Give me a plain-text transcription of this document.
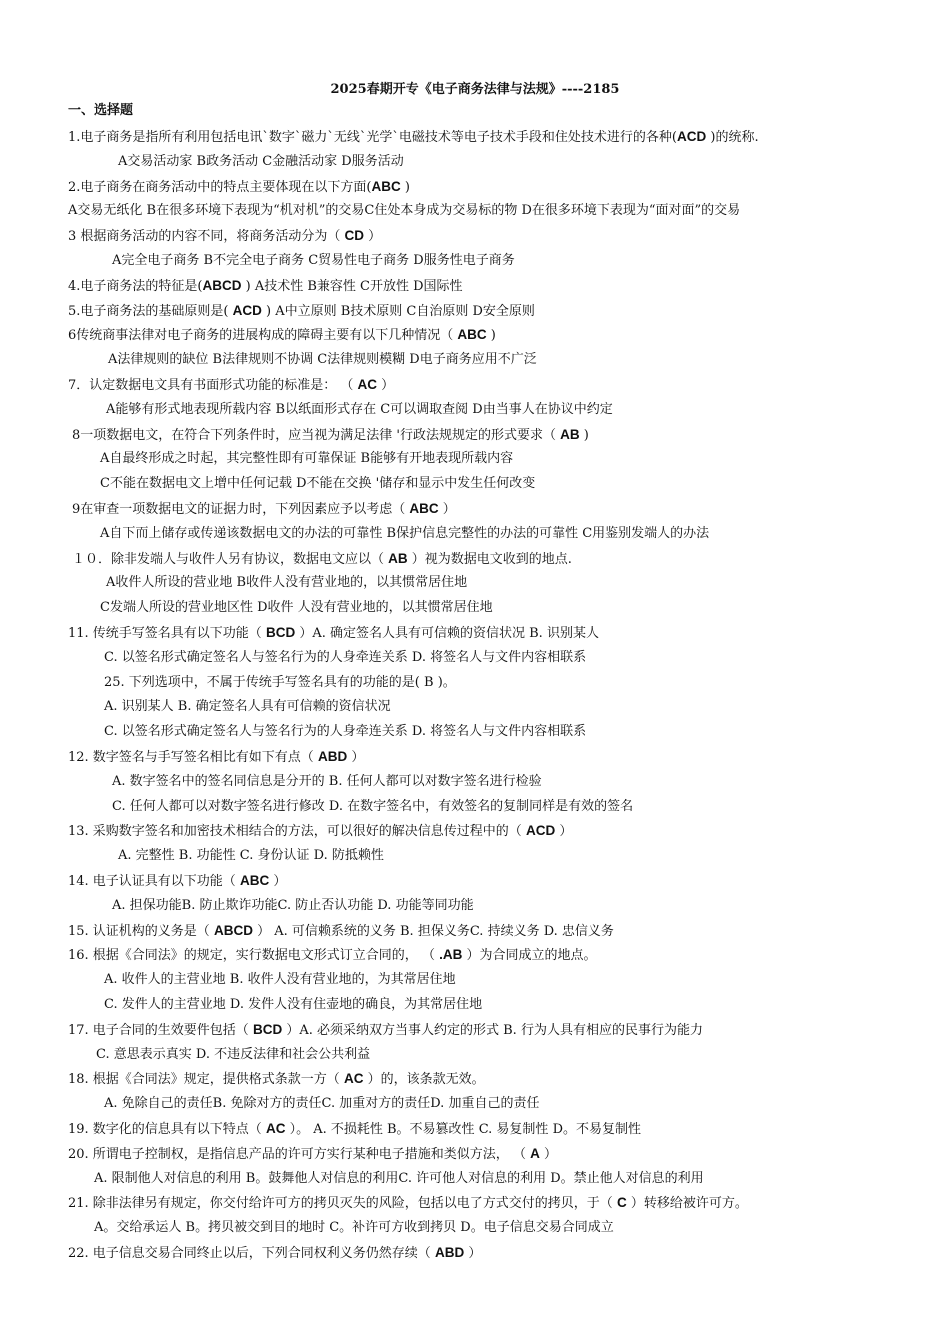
2025春期开专《电子商务法律与法规》----2185
一、选择题
1.电子商务是指所有利用包括电讯`数字`磁力`无线`光学`电磁技术等电子技术手段和住处技术进行的各种(ACD )的统称.
A交易活动家 B政务活动 C金融活动家 D服务活动
2.电子商务在商务活动中的特点主要体现在以下方面(ABC )
A交易无纸化 B在很多环境下表现为“机对机”的交易C住处本身成为交易标的物 D在很多环境下表现为“面对面”的交易
3 根据商务活动的内容不同，将商务活动分为（ CD ）
A完全电子商务 B不完全电子商务 C贸易性电子商务 D服务性电子商务
4.电子商务法的特征是(ABCD ) A技术性 B兼容性 C开放性 D国际性
5.电子商务法的基础原则是( ACD ) A中立原则 B技术原则 C自治原则 D安全原则
6传统商事法律对电子商务的进展构成的障碍主要有以下几种情况（ ABC )
A法律规则的缺位 B法律规则不协调 C法律规则模糊 D电子商务应用不广泛
7．认定数据电文具有书面形式功能的标准是： （ AC ）
A能够有形式地表现所载内容 B以纸面形式存在 C可以调取查阅 D由当事人在协议中约定
8一项数据电文，在符合下列条件时，应当视为满足法律 '行政法规规定的形式要求（ AB )
A自最终形成之时起，其完整性即有可靠保证 B能够有开地表现所载内容
C不能在数据电文上增中任何记载 D不能在交换 '储存和显示中发生任何改变
9在审查一项数据电文的证据力时，下列因素应予以考虑（ ABC ）
A自下而上储存或传递该数据电文的办法的可靠性 B保护信息完整性的办法的可靠性 C用鉴别发端人的办法
１０．除非发端人与收件人另有协议，数据电文应以（ AB ）视为数据电文收到的地点.
A收件人所设的营业地 B收件人没有营业地的，以其惯常居住地
C发端人所设的营业地区性 D收件 人没有营业地的，以其惯常居住地
11. 传统手写签名具有以下功能（ BCD ）A. 确定签名人具有可信赖的资信状况 B. 识别某人
C. 以签名形式确定签名人与签名行为的人身牵连关系 D. 将签名人与文件内容相联系
25. 下列选项中，不属于传统手写签名具有的功能的是( B )。
A. 识别某人 B. 确定签名人具有可信赖的资信状况
C. 以签名形式确定签名人与签名行为的人身牵连关系 D. 将签名人与文件内容相联系
12. 数字签名与手写签名相比有如下有点（ ABD ）
A. 数字签名中的签名同信息是分开的 B. 任何人都可以对数字签名进行检验
C. 任何人都可以对数字签名进行修改 D. 在数字签名中，有效签名的复制同样是有效的签名
13. 采购数字签名和加密技术相结合的方法，可以很好的解决信息传过程中的（ ACD ）
A. 完整性 B. 功能性 C. 身份认证 D. 防抵赖性
14. 电子认证具有以下功能（ ABC ）
A. 担保功能B. 防止欺诈功能C. 防止否认功能 D. 功能等同功能
15. 认证机构的义务是（ ABCD ） A. 可信赖系统的义务 B. 担保义务C. 持续义务 D. 忠信义务
16. 根据《合同法》的规定，实行数据电文形式订立合同的， （ .AB ）为合同成立的地点。
A. 收件人的主营业地 B. 收件人没有营业地的，为其常居住地
C. 发件人的主营业地 D. 发件人没有住壶地的确良，为其常居住地
17. 电子合同的生效要件包括（ BCD ）A. 必须采纳双方当事人约定的形式 B. 行为人具有相应的民事行为能力
C. 意思表示真实 D. 不违反法律和社会公共利益
18. 根据《合同法》规定，提供格式条款一方（ AC ）的，该条款无效。
A. 免除自己的责任B. 免除对方的责任C. 加重对方的责任D. 加重自己的责任
19. 数字化的信息具有以下特点（ AC ）。 A. 不损耗性 B。不易篡改性 C. 易复制性 D。不易复制性
20. 所谓电子控制权，是指信息产品的许可方实行某种电子措施和类似方法， （ A ）
A. 限制他人对信息的利用 B。鼓舞他人对信息的利用C. 许可他人对信息的利用 D。禁止他人对信息的利用
21. 除非法律另有规定，你交付给许可方的拷贝灭失的风险，包括以电了方式交付的拷贝，于（ C ）转移给被许可方。
A。交给承运人 B。拷贝被交到目的地时 C。补许可方收到拷贝 D。电子信息交易合同成立
22. 电子信息交易合同终止以后，下列合同权利义务仍然存续（ ABD ）
